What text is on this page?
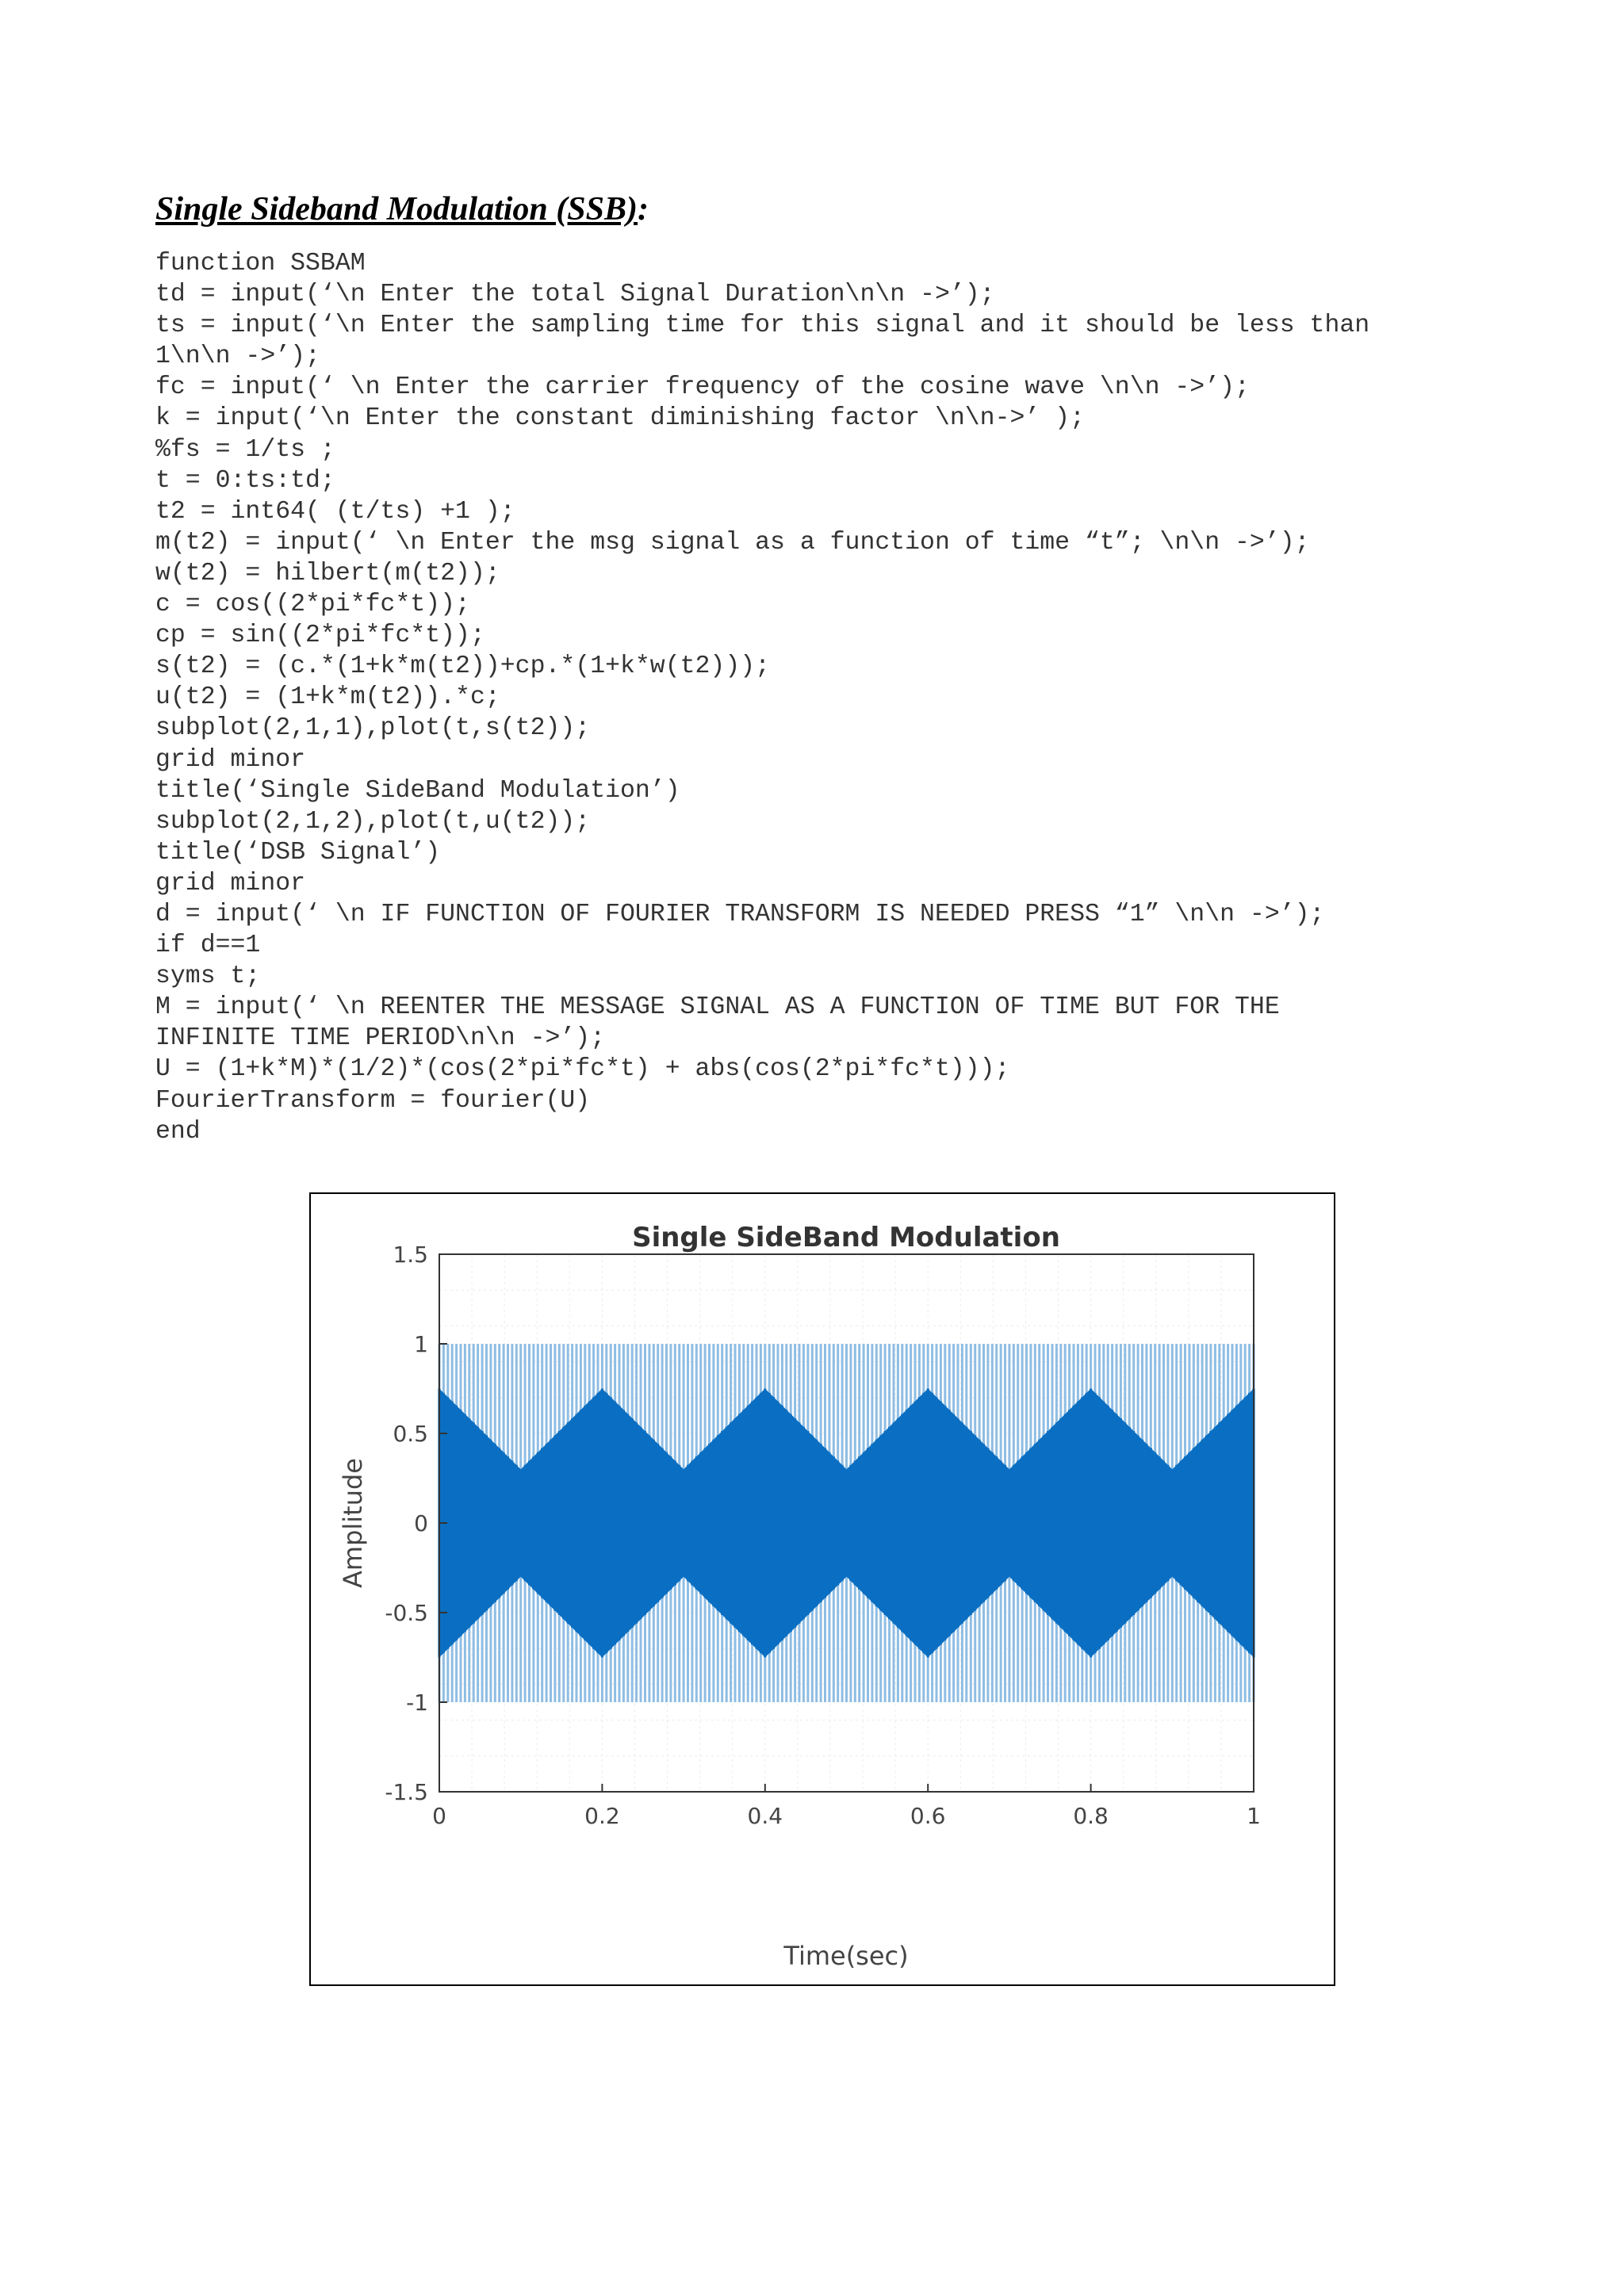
Single Sideband Modulation (SSB):
function SSBAM
td = input(‘\n Enter the total Signal Duration\n\n ->’);
ts = input(‘\n Enter the sampling time for this signal and it should be less than
1\n\n ->’);
fc = input(‘ \n Enter the carrier frequency of the cosine wave \n\n ->’);
k = input(‘\n Enter the constant diminishing factor \n\n->’ );
%fs = 1/ts ;
t = 0:ts:td;
t2 = int64( (t/ts) +1 );
m(t2) = input(‘ \n Enter the msg signal as a function of time “t”; \n\n ->’);
w(t2) = hilbert(m(t2));
c = cos((2*pi*fc*t));
cp = sin((2*pi*fc*t));
s(t2) = (c.*(1+k*m(t2))+cp.*(1+k*w(t2)));
u(t2) = (1+k*m(t2)).*c;
subplot(2,1,1),plot(t,s(t2));
grid minor
title(‘Single SideBand Modulation’)
subplot(2,1,2),plot(t,u(t2));
title(‘DSB Signal’)
grid minor
d = input(‘ \n IF FUNCTION OF FOURIER TRANSFORM IS NEEDED PRESS “1” \n\n ->’);
if d==1
syms t;
M = input(‘ \n REENTER THE MESSAGE SIGNAL AS A FUNCTION OF TIME BUT FOR THE
INFINITE TIME PERIOD\n\n ->’);
U = (1+k*M)*(1/2)*(cos(2*pi*fc*t) + abs(cos(2*pi*fc*t)));
FourierTransform = fourier(U)
end
0	0.2	0.4	0.6	0.8	1
1.5
1
0.5
0
-0.5
-1
-1.5
Single SideBand Modulation
Time(sec)
Amplitude
